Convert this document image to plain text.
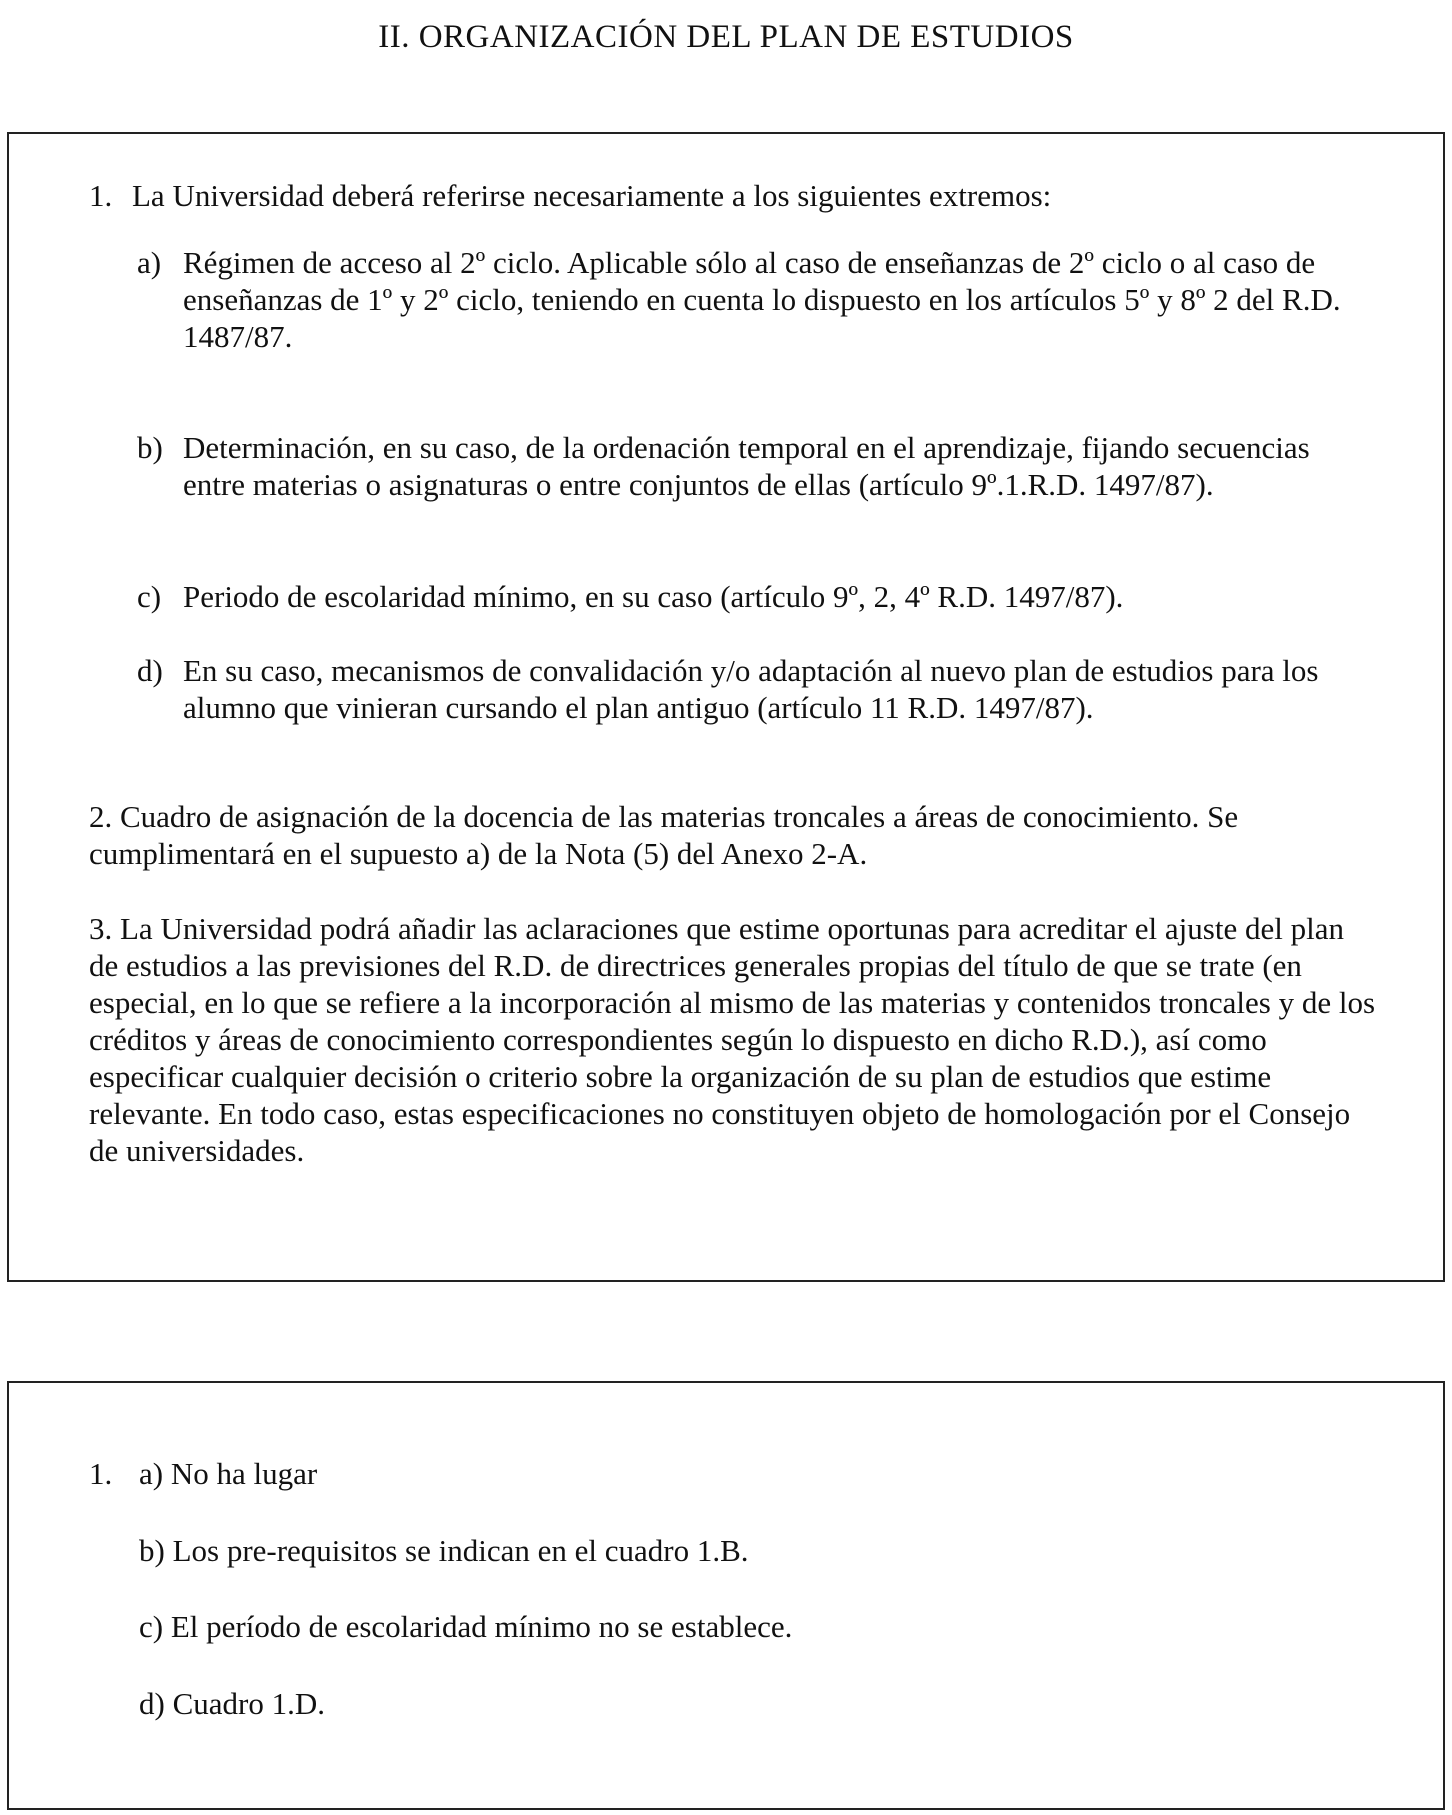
II. ORGANIZACIÓN DEL PLAN DE ESTUDIOS
1. La Universidad deberá referirse necesariamente a los siguientes extremos:
a) Régimen de acceso al 2º ciclo. Aplicable sólo al caso de enseñanzas de 2º ciclo o al caso de enseñanzas de 1º y 2º ciclo, teniendo en cuenta lo dispuesto en los artículos 5º y 8º 2 del R.D. 1487/87.
b) Determinación, en su caso, de la ordenación temporal en el aprendizaje, fijando secuencias entre materias o asignaturas o entre conjuntos de ellas (artículo 9º.1.R.D. 1497/87).
c) Periodo de escolaridad mínimo, en su caso (artículo 9º, 2, 4º R.D. 1497/87).
d) En su caso, mecanismos de convalidación y/o adaptación al nuevo plan de estudios para los alumno que vinieran cursando el plan antiguo (artículo 11 R.D. 1497/87).

2. Cuadro de asignación de la docencia de las materias troncales a áreas de conocimiento. Se cumplimentará en el supuesto a) de la Nota (5) del Anexo 2-A.

3. La Universidad podrá añadir las aclaraciones que estime oportunas para acreditar el ajuste del plan de estudios a las previsiones del R.D. de directrices generales propias del título de que se trate (en especial, en lo que se refiere a la incorporación al mismo de las materias y contenidos troncales y de los créditos y áreas de conocimiento correspondientes según lo dispuesto en dicho R.D.), así como especificar cualquier decisión o criterio sobre la organización de su plan de estudios que estime relevante. En todo caso, estas especificaciones no constituyen objeto de homologación por el Consejo de universidades.

1. a) No ha lugar
b) Los pre-requisitos se indican en el cuadro 1.B.
c) El período de escolaridad mínimo no se establece.
d) Cuadro 1.D.
